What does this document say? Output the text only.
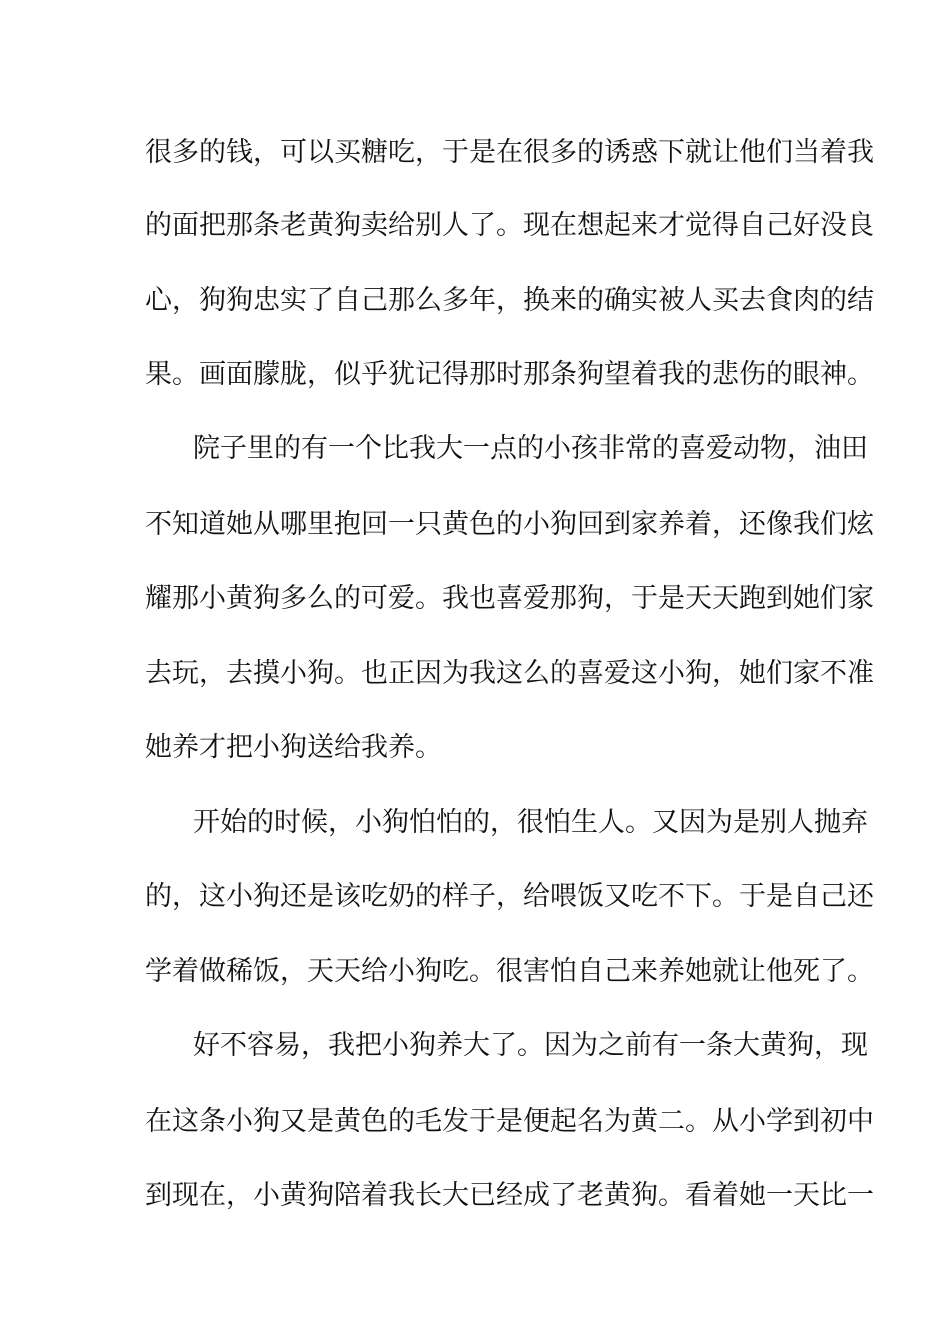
很多的钱，可以买糖吃，于是在很多的诱惑下就让他们当着我
的面把那条老黄狗卖给别人了。现在想起来才觉得自己好没良
心，狗狗忠实了自己那么多年，换来的确实被人买去食肉的结
果。画面朦胧，似乎犹记得那时那条狗望着我的悲伤的眼神。
院子里的有一个比我大一点的小孩非常的喜爱动物，油田
不知道她从哪里抱回一只黄色的小狗回到家养着，还像我们炫
耀那小黄狗多么的可爱。我也喜爱那狗，于是天天跑到她们家
去玩，去摸小狗。也正因为我这么的喜爱这小狗，她们家不准
她养才把小狗送给我养。
开始的时候，小狗怕怕的，很怕生人。又因为是别人抛弃
的，这小狗还是该吃奶的样子，给喂饭又吃不下。于是自己还
学着做稀饭，天天给小狗吃。很害怕自己来养她就让他死了。
好不容易，我把小狗养大了。因为之前有一条大黄狗，现
在这条小狗又是黄色的毛发于是便起名为黄二。从小学到初中
到现在，小黄狗陪着我长大已经成了老黄狗。看着她一天比一
